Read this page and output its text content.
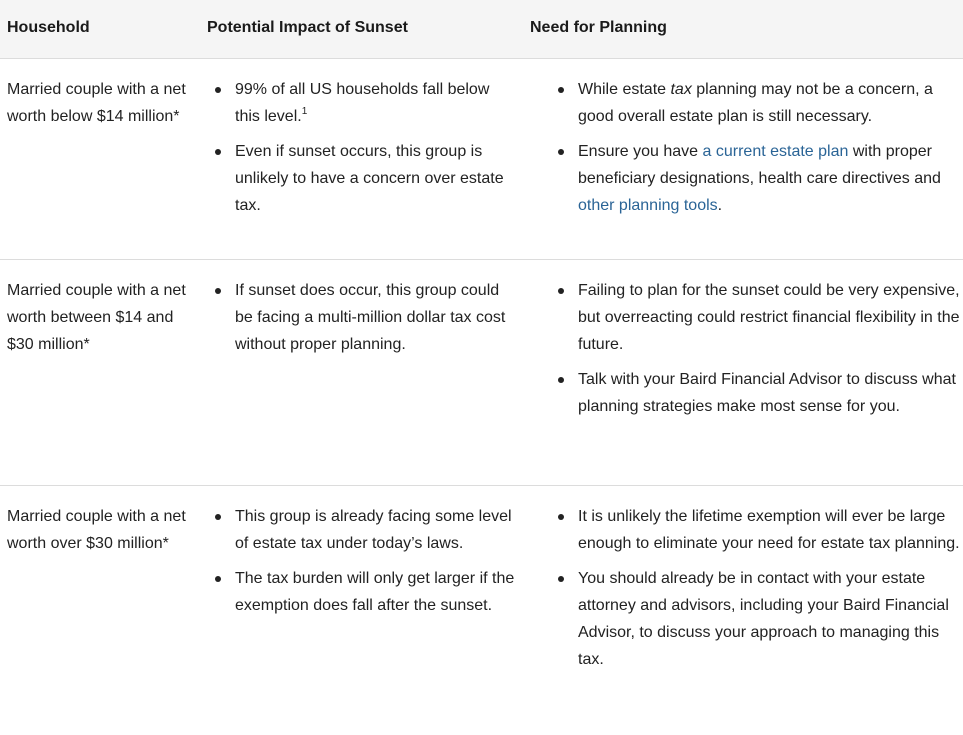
Household	Potential Impact of Sunset	Need for Planning
Married couple with a net worth below $14 million*
99% of all US households fall below this level.$^1$
Even if sunset occurs, this group is unlikely to have a concern over estate tax.
While estate tax planning may not be a concern, a good overall estate plan is still necessary.
Ensure you have a current estate plan with proper beneficiary designations, health care directives and other planning tools.
Married couple with a net worth between $14 and $30 million*
If sunset does occur, this group could be facing a multi-million dollar tax cost without proper planning.
Failing to plan for the sunset could be very expensive, but overreacting could restrict financial flexibility in the future.
Talk with your Baird Financial Advisor to discuss what planning strategies make most sense for you.
Married couple with a net worth over $30 million*
This group is already facing some level of estate tax under today’s laws.
The tax burden will only get larger if the exemption does fall after the sunset.
It is unlikely the lifetime exemption will ever be large enough to eliminate your need for estate tax planning.
You should already be in contact with your estate attorney and advisors, including your Baird Financial Advisor, to discuss your approach to managing this tax.
